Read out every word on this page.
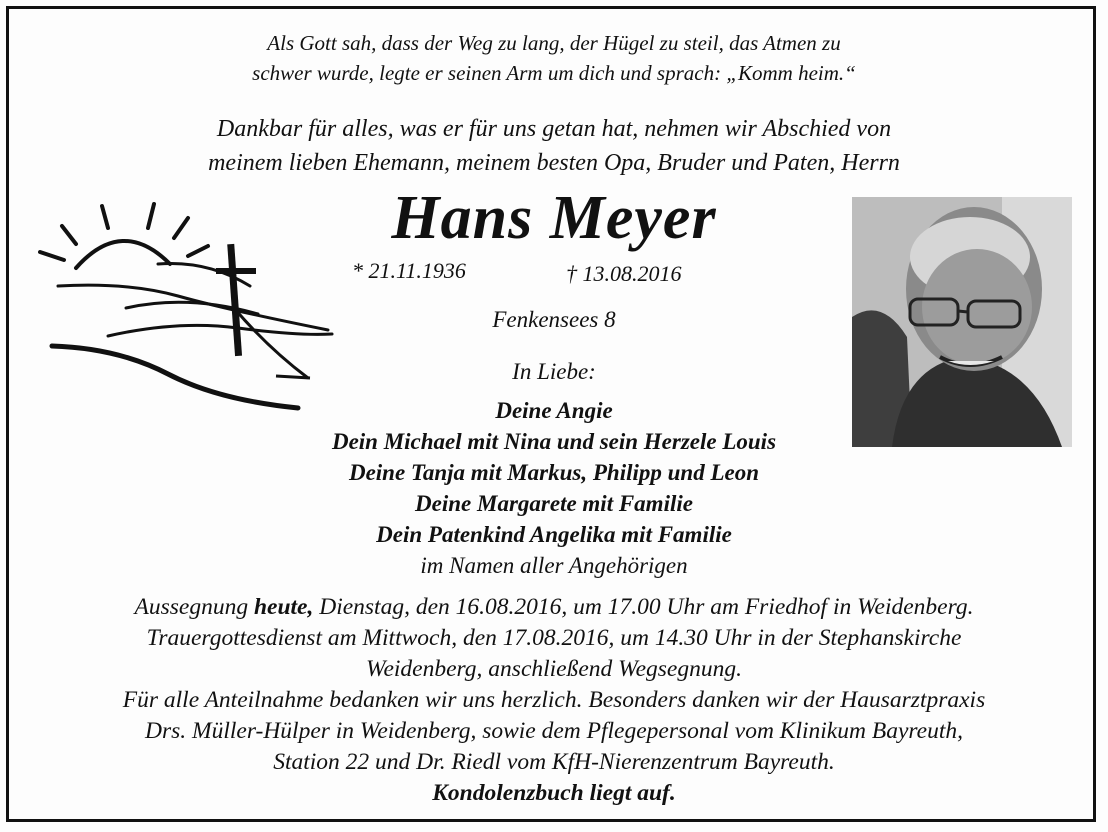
Als Gott sah, dass der Weg zu lang, der Hügel zu steil, das Atmen zu
schwer wurde, legte er seinen Arm um dich und sprach: „Komm heim.“
Dankbar für alles, was er für uns getan hat, nehmen wir Abschied von
meinem lieben Ehemann, meinem besten Opa, Bruder und Paten, Herrn
Hans Meyer
* 21.11.1936	† 13.08.2016
Fenkensees 8
In Liebe:
Deine Angie
Dein Michael mit Nina und sein Herzele Louis
Deine Tanja mit Markus, Philipp und Leon
Deine Margarete mit Familie
Dein Patenkind Angelika mit Familie
im Namen aller Angehörigen
Aussegnung heute, Dienstag, den 16.08.2016, um 17.00 Uhr am Friedhof in Weidenberg.
Trauergottesdienst am Mittwoch, den 17.08.2016, um 14.30 Uhr in der Stephanskirche
Weidenberg, anschließend Wegsegnung.
Für alle Anteilnahme bedanken wir uns herzlich. Besonders danken wir der Hausarztpraxis
Drs. Müller-Hülper in Weidenberg, sowie dem Pflegepersonal vom Klinikum Bayreuth,
Station 22 und Dr. Riedl vom KfH-Nierenzentrum Bayreuth.
Kondolenzbuch liegt auf.
